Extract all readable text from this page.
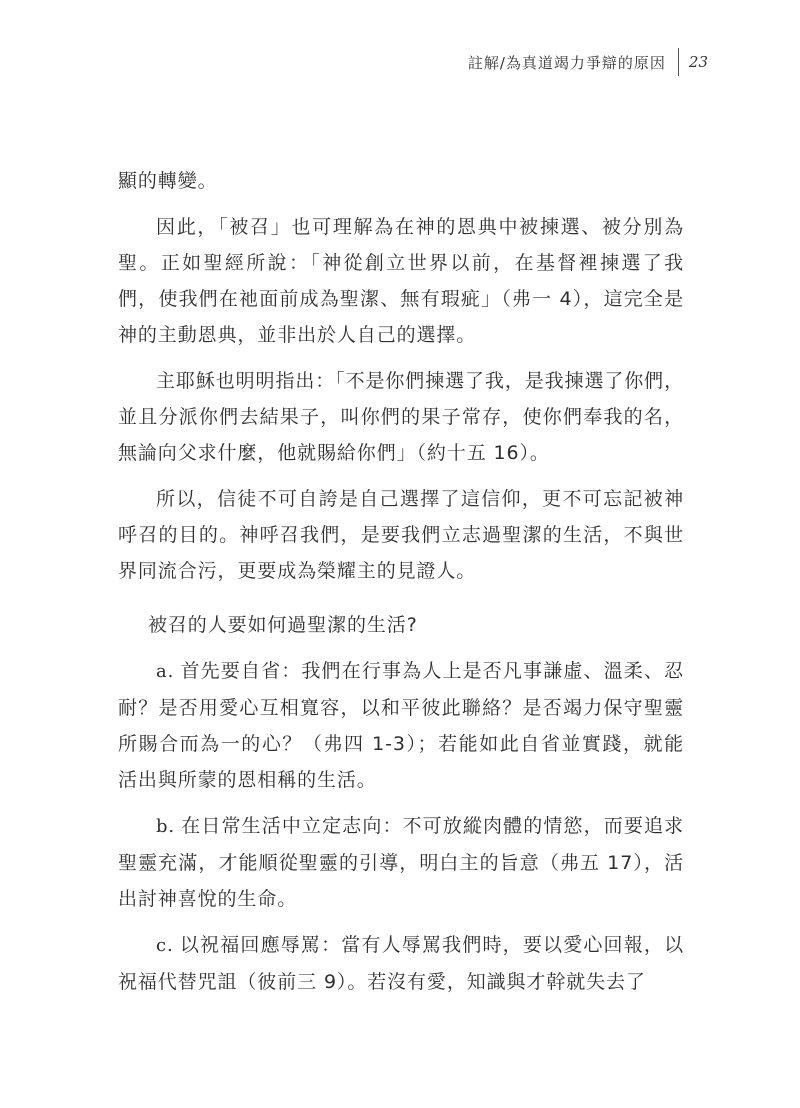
註解/為真道竭力爭辯的原因	23

顯的轉變。

因此，「被召」也可理解為在神的恩典中被揀選、被分別為聖。正如聖經所說：「神從創立世界以前，在基督裡揀選了我們，使我們在祂面前成為聖潔、無有瑕疵」（弗一 4），這完全是神的主動恩典，並非出於人自己的選擇。

主耶穌也明明指出：「不是你們揀選了我，是我揀選了你們，並且分派你們去結果子，叫你們的果子常存，使你們奉我的名，無論向父求什麼，他就賜給你們」（約十五 16）。

所以，信徒不可自誇是自己選擇了這信仰，更不可忘記被神呼召的目的。神呼召我們，是要我們立志過聖潔的生活，不與世界同流合污，更要成為榮耀主的見證人。

被召的人要如何過聖潔的生活?

a. 首先要自省：我們在行事為人上是否凡事謙虛、溫柔、忍耐？是否用愛心互相寬容，以和平彼此聯絡？是否竭力保守聖靈所賜合而為一的心？（弗四 1-3）；若能如此自省並實踐，就能活出與所蒙的恩相稱的生活。

b. 在日常生活中立定志向：不可放縱肉體的情慾，而要追求聖靈充滿，才能順從聖靈的引導，明白主的旨意（弗五 17），活出討神喜悅的生命。

c. 以祝福回應辱罵：當有人辱罵我們時，要以愛心回報，以祝福代替咒詛（彼前三 9）。若沒有愛，知識與才幹就失去了
